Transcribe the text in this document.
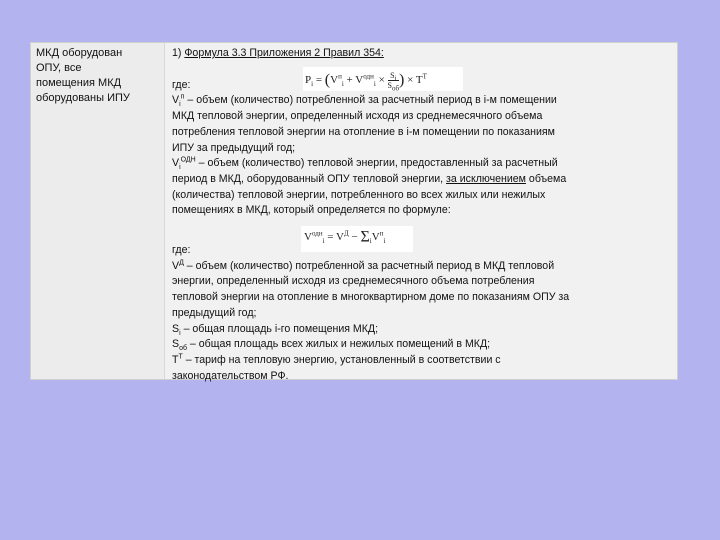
МКД оборудован
ОПУ, все
помещения МКД
оборудованы ИПУ
1) Формула 3.3 Приложения 2 Правил 354:
$P_i = (V^п_i + V^{одн}_i \times \frac{S_i}{S_{об}}$ ) × $T^T$
где:
$V_i^п$ – объем (количество) потребленной за расчетный период в i-м помещении
МКД тепловой энергии, определенный исходя из среднемесячного объема
потребления тепловой энергии на отопление в i-м помещении по показаниям
ИПУ за предыдущий год;
$V_i^{ОДН}$ – объем (количество) тепловой энергии, предоставленный за расчетный
период в МКД, оборудованный ОПУ тепловой энергии, за исключением объема
(количества) тепловой энергии, потребленного во всех жилых или нежилых
помещениях в МКД, который определяется по формуле:
$V^{одн}_i = V^Д - \Sigma_iV^п_i$
где:
$V^Д$ – объем (количество) потребленной за расчетный период в МКД тепловой
энергии, определенный исходя из среднемесячного объема потребления
тепловой энергии на отопление в многоквартирном доме по показаниям ОПУ за
предыдущий год;
$S_i$ – общая площадь i-го помещения МКД;
$S_{об}$ – общая площадь всех жилых и нежилых помещений в МКД;
$Т^Т$ – тариф на тепловую энергию, установленный в соответствии с
законодательством РФ.
